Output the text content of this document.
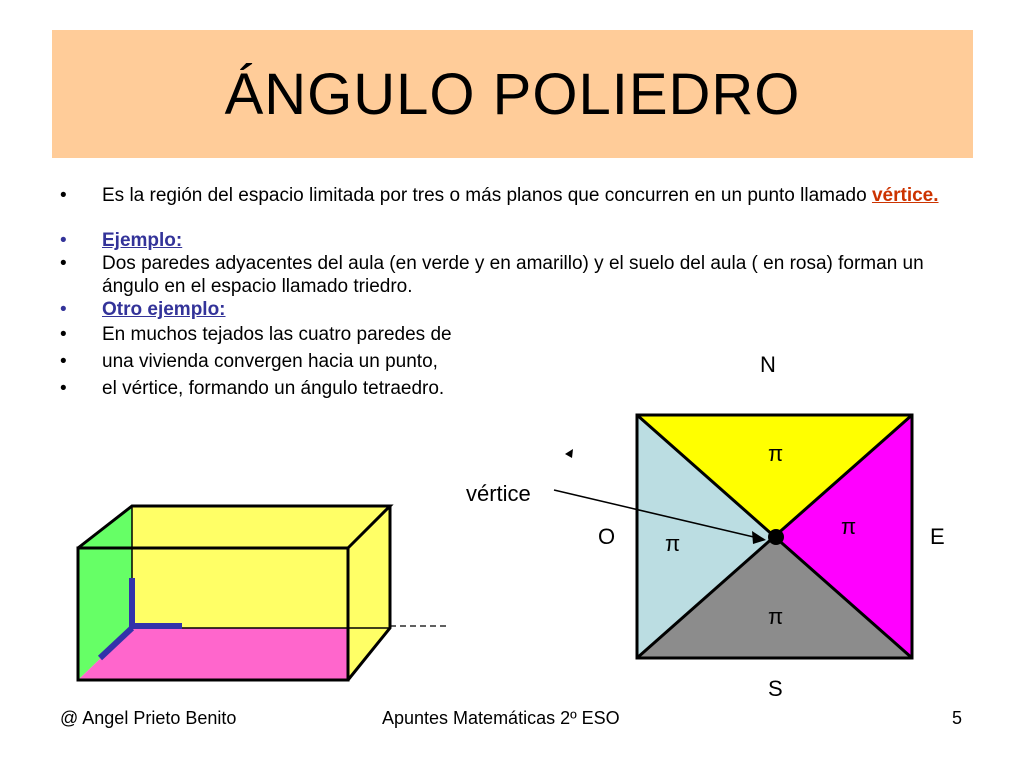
ÁNGULO POLIEDRO
• Es la región del espacio limitada por tres o más planos que concurren en un punto llamado vértice.
• Ejemplo:
• Dos paredes adyacentes del aula (en verde y en amarillo) y el suelo del aula ( en rosa) forman un ángulo en el espacio llamado triedro.
• Otro ejemplo:
• En muchos tejados las cuatro paredes de
• una vivienda convergen hacia un punto,
• el vértice, formando un ángulo tetraedro.
N
S
E
O
vértice
π
π
π
π
@ Angel Prieto Benito	Apuntes Matemáticas 2º ESO	5
